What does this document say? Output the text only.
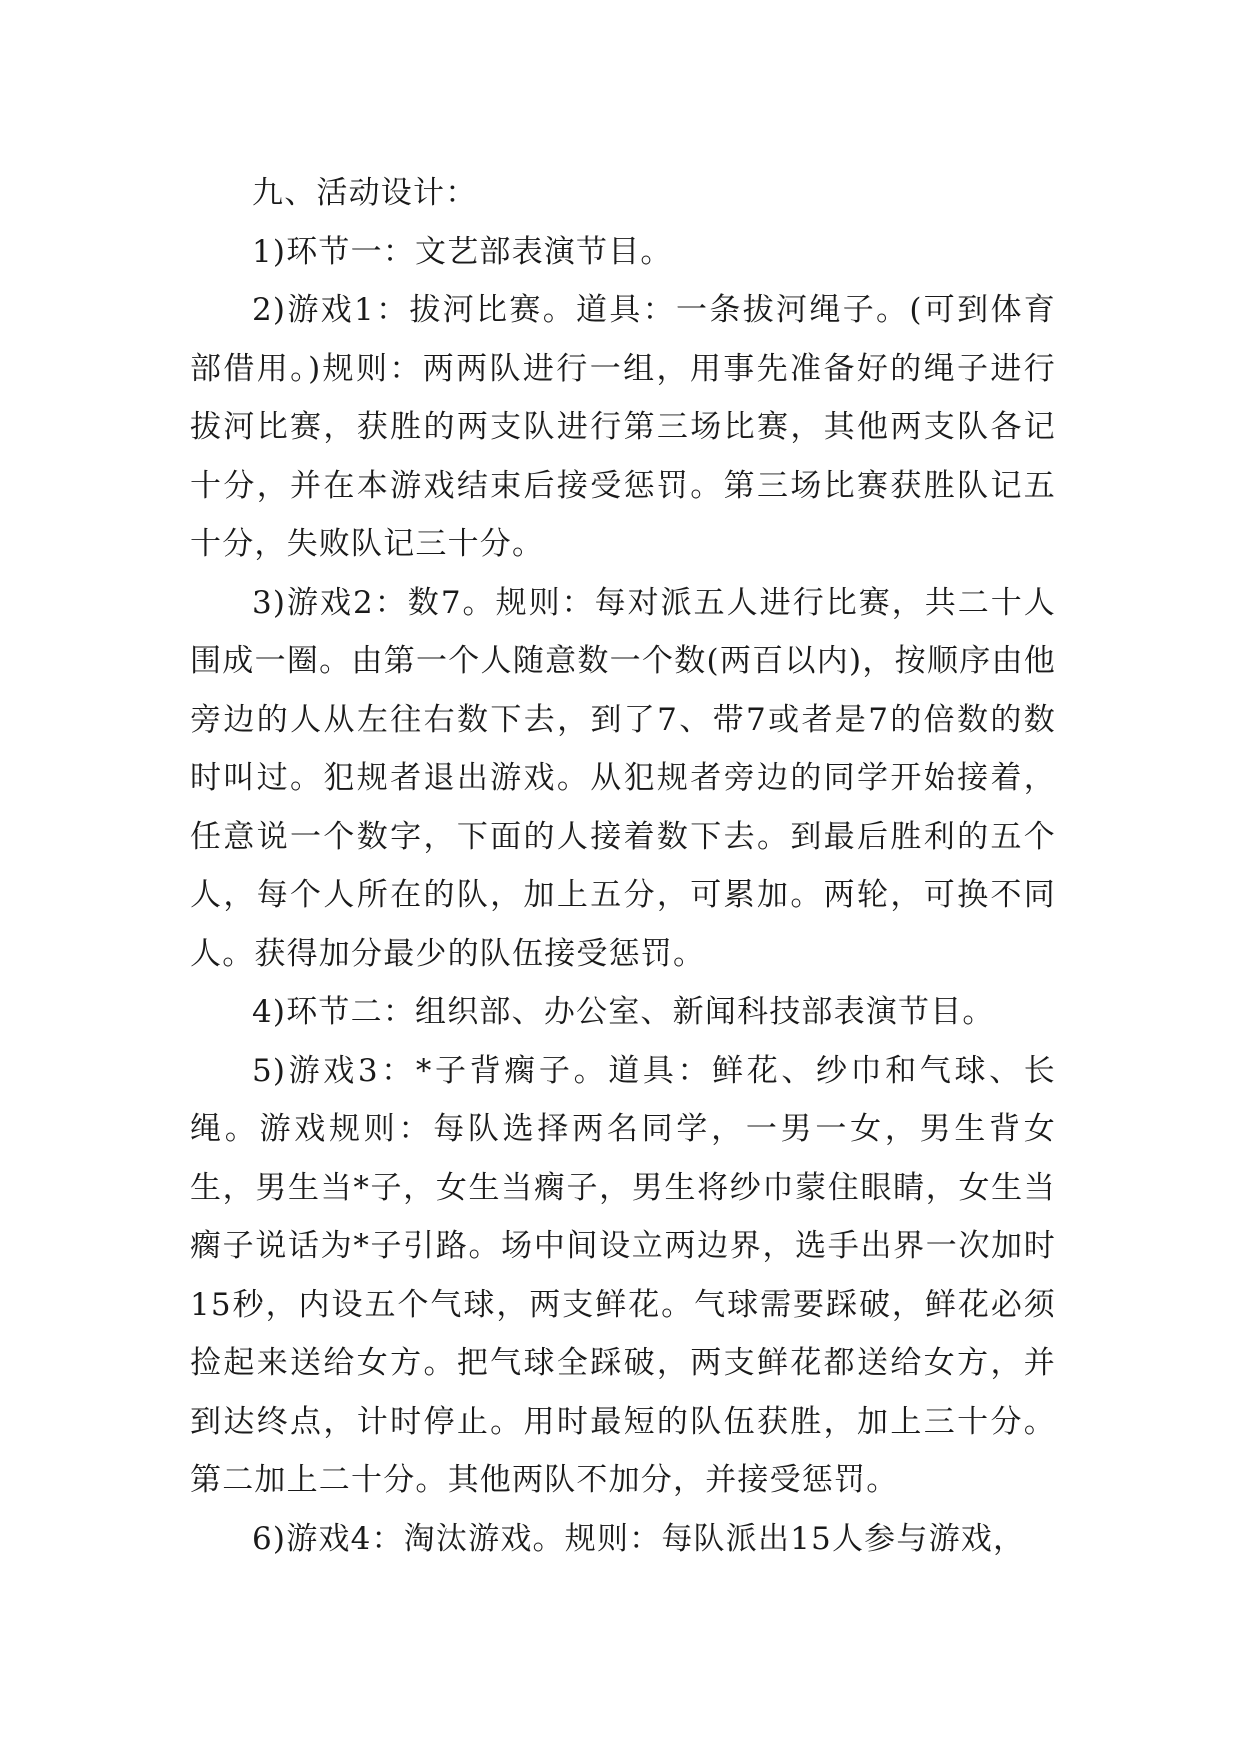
九、活动设计：

1)环节一：文艺部表演节目。

2)游戏1：拔河比赛。道具：一条拔河绳子。(可到体育部借用。)规则：两两队进行一组，用事先准备好的绳子进行拔河比赛，获胜的两支队进行第三场比赛，其他两支队各记十分，并在本游戏结束后接受惩罚。第三场比赛获胜队记五十分，失败队记三十分。

3)游戏2：数7。规则：每对派五人进行比赛，共二十人围成一圈。由第一个人随意数一个数(两百以内)，按顺序由他旁边的人从左往右数下去，到了7、带7或者是7的倍数的数时叫过。犯规者退出游戏。从犯规者旁边的同学开始接着，任意说一个数字，下面的人接着数下去。到最后胜利的五个人，每个人所在的队，加上五分，可累加。两轮，可换不同人。获得加分最少的队伍接受惩罚。

4)环节二：组织部、办公室、新闻科技部表演节目。

5)游戏3：*子背瘸子。道具：鲜花、纱巾和气球、长绳。游戏规则：每队选择两名同学，一男一女，男生背女生，男生当*子，女生当瘸子，男生将纱巾蒙住眼睛，女生当瘸子说话为*子引路。场中间设立两边界，选手出界一次加时15秒，内设五个气球，两支鲜花。气球需要踩破，鲜花必须捡起来送给女方。把气球全踩破，两支鲜花都送给女方，并到达终点，计时停止。用时最短的队伍获胜，加上三十分。第二加上二十分。其他两队不加分，并接受惩罚。

6)游戏4：淘汰游戏。规则：每队派出15人参与游戏，
